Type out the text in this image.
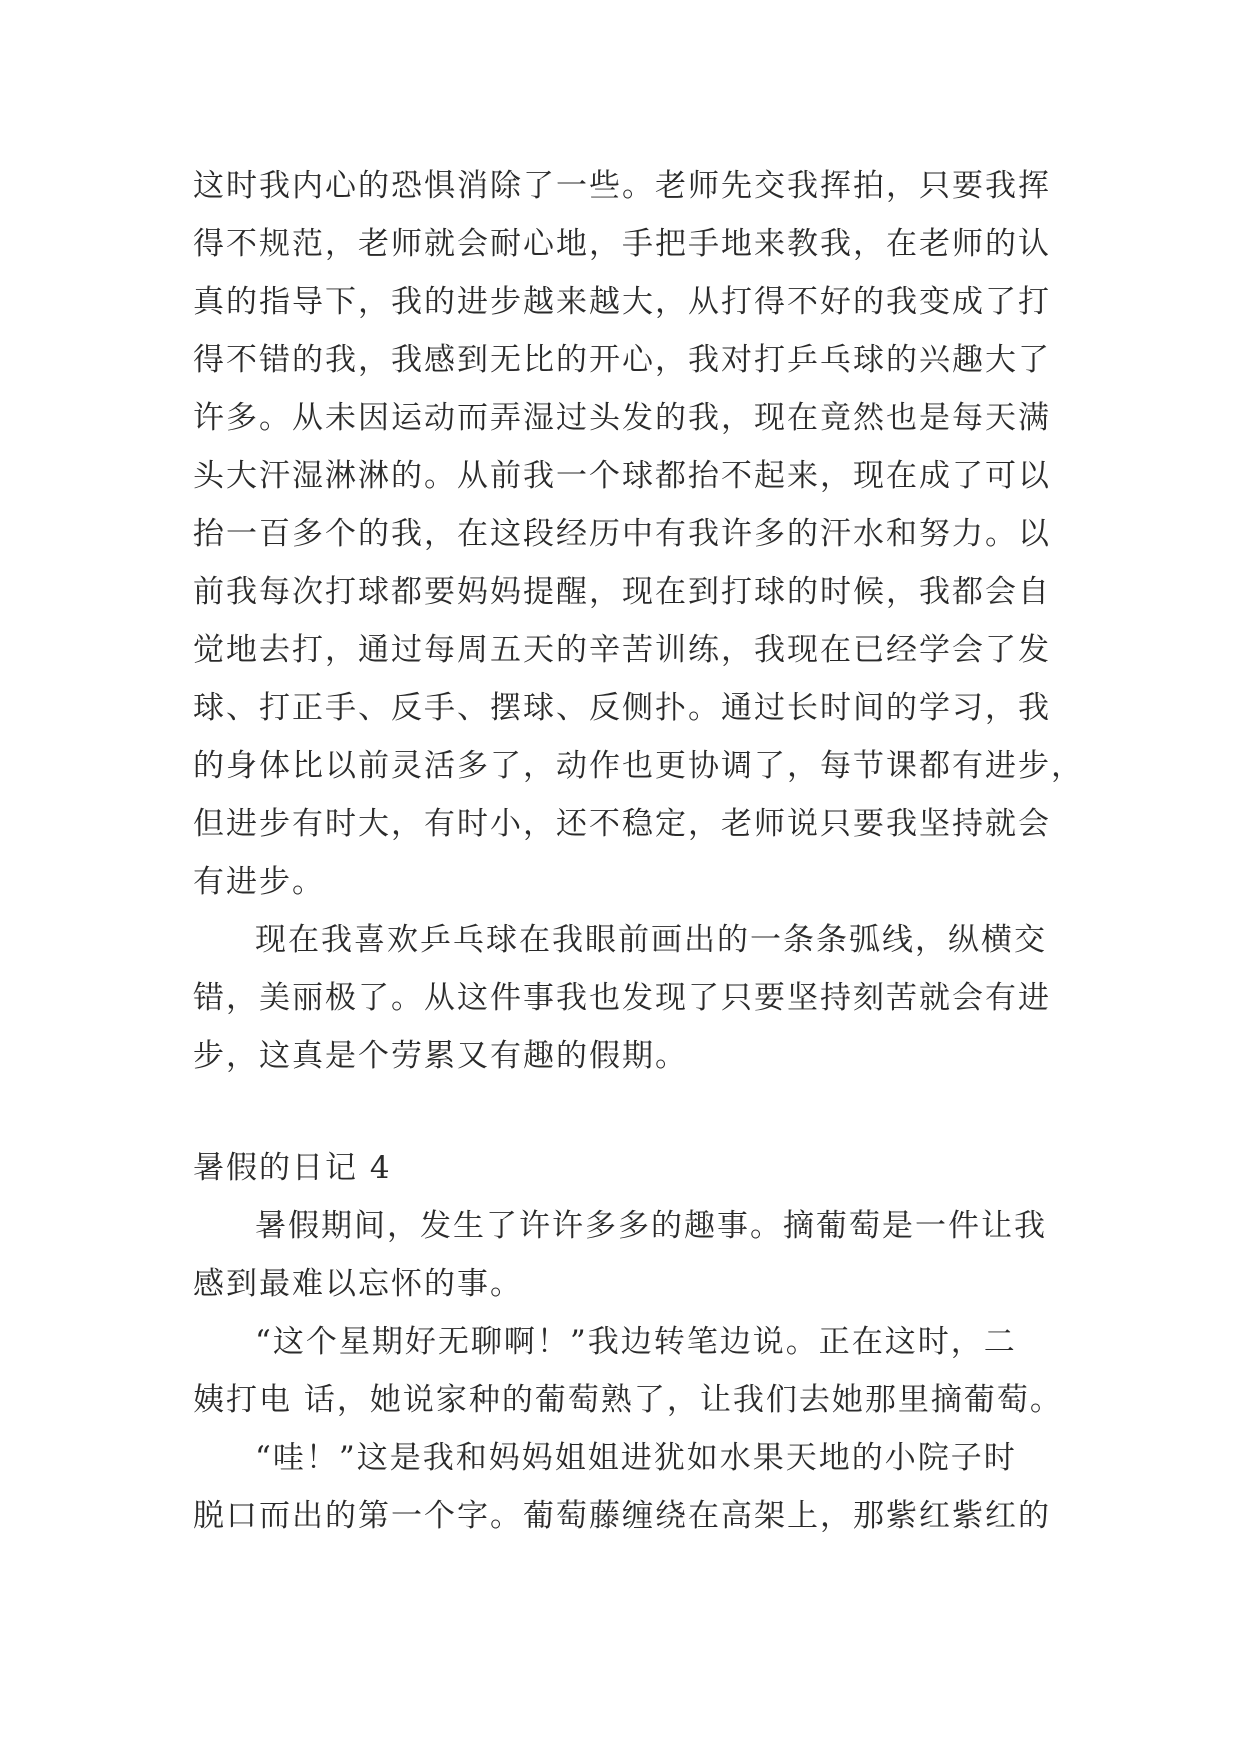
这时我内心的恐惧消除了一些。老师先交我挥拍，只要我挥
得不规范，老师就会耐心地，手把手地来教我，在老师的认
真的指导下，我的进步越来越大，从打得不好的我变成了打
得不错的我，我感到无比的开心，我对打乒乓球的兴趣大了
许多。从未因运动而弄湿过头发的我，现在竟然也是每天满
头大汗湿淋淋的。从前我一个球都抬不起来，现在成了可以
抬一百多个的我，在这段经历中有我许多的汗水和努力。以
前我每次打球都要妈妈提醒，现在到打球的时候，我都会自
觉地去打，通过每周五天的辛苦训练，我现在已经学会了发
球、打正手、反手、摆球、反侧扑。通过长时间的学习，我
的身体比以前灵活多了，动作也更协调了，每节课都有进步，
但进步有时大，有时小，还不稳定，老师说只要我坚持就会
有进步。
现在我喜欢乒乓球在我眼前画出的一条条弧线，纵横交
错，美丽极了。从这件事我也发现了只要坚持刻苦就会有进
步，这真是个劳累又有趣的假期。
暑假的日记 4
暑假期间，发生了许许多多的趣事。摘葡萄是一件让我
感到最难以忘怀的事。
“这个星期好无聊啊！”我边转笔边说。正在这时，二
姨打电 话，她说家种的葡萄熟了，让我们去她那里摘葡萄。
“哇！”这是我和妈妈姐姐进犹如水果天地的小院子时
脱口而出的第一个字。葡萄藤缠绕在高架上，那紫红紫红的
